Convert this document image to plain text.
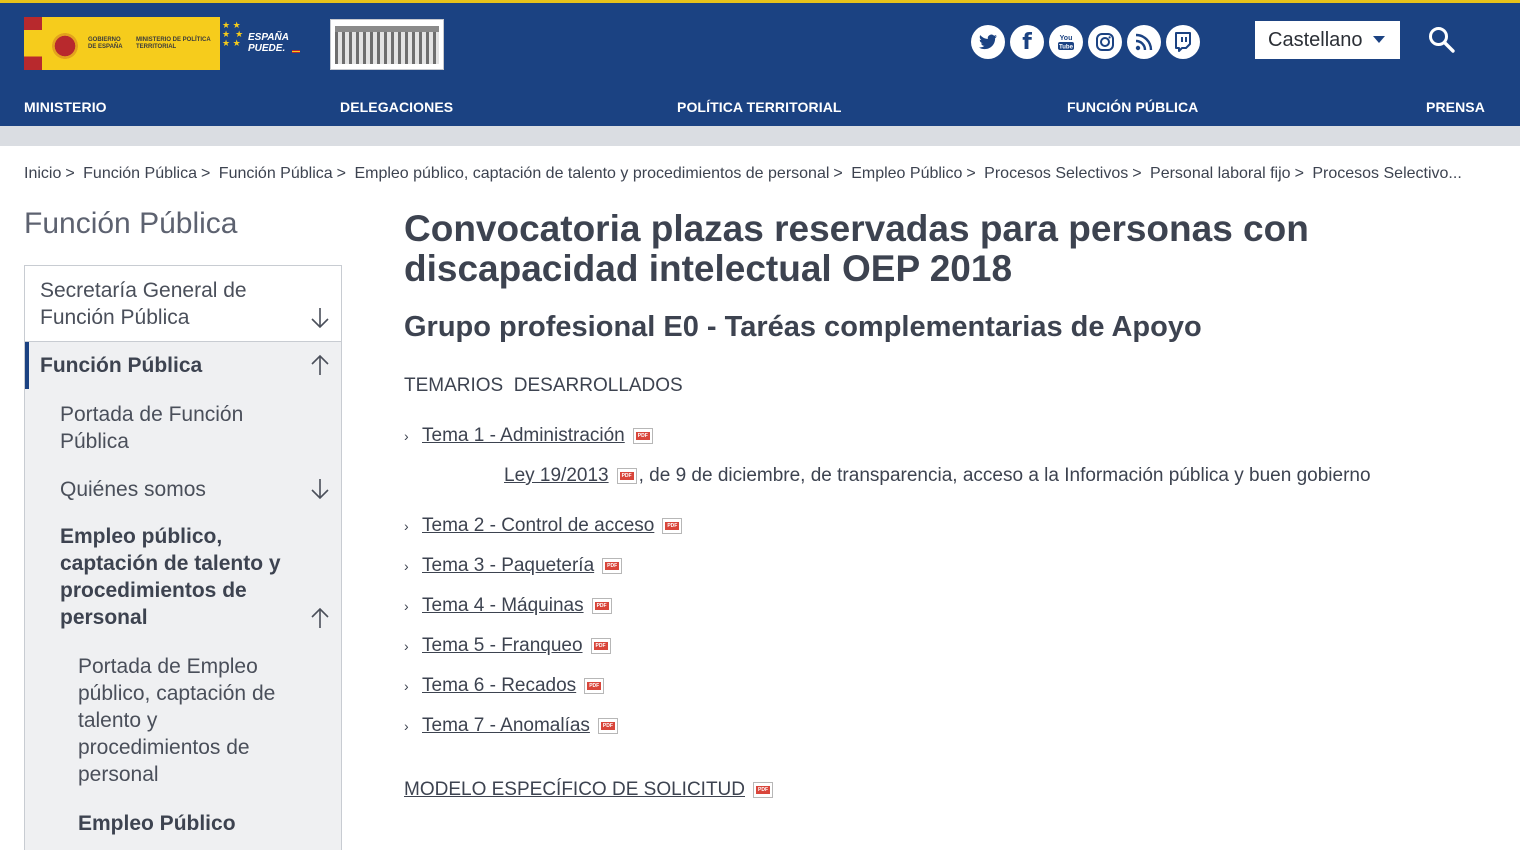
GOBIERNO DE ESPAÑA
MINISTERIO DE POLÍTICA TERRITORIAL
★ ★
★  ★
★ ★ ESPAÑA PUEDE.	f	You
Tube	Castellano
MINISTERIO	DELEGACIONES	POLÍTICA TERRITORIAL	FUNCIÓN PÚBLICA	PRENSA
Inicio > Función Pública > Función Pública > Empleo público, captación de talento y procedimientos de personal > Empleo Público > Procesos Selectivos > Personal laboral fijo > Procesos Selectivo...
Función Pública
Secretaría General de Función Pública
Función Pública
Portada de Función Pública
Quiénes somos
Empleo público, captación de talento y procedimientos de personal
Portada de Empleo público, captación de talento y procedimientos de personal
Empleo Público
Convocatoria plazas reservadas para personas con discapacidad intelectual OEP 2018
Grupo profesional E0 - Taréas complementarias de Apoyo
TEMARIOS  DESARROLLADOS
› Tema 1 - Administración
PDF
Ley 19/2013 PDF , de 9 de diciembre, de transparencia, acceso a la Información pública y buen gobierno
› Tema 2 - Control de acceso
PDF
› Tema 3 - Paquetería
PDF
› Tema 4 - Máquinas
PDF
› Tema 5 - Franqueo
PDF
› Tema 6 - Recados
PDF
› Tema 7 - Anomalías
PDF
MODELO ESPECÍFICO DE SOLICITUD
PDF
